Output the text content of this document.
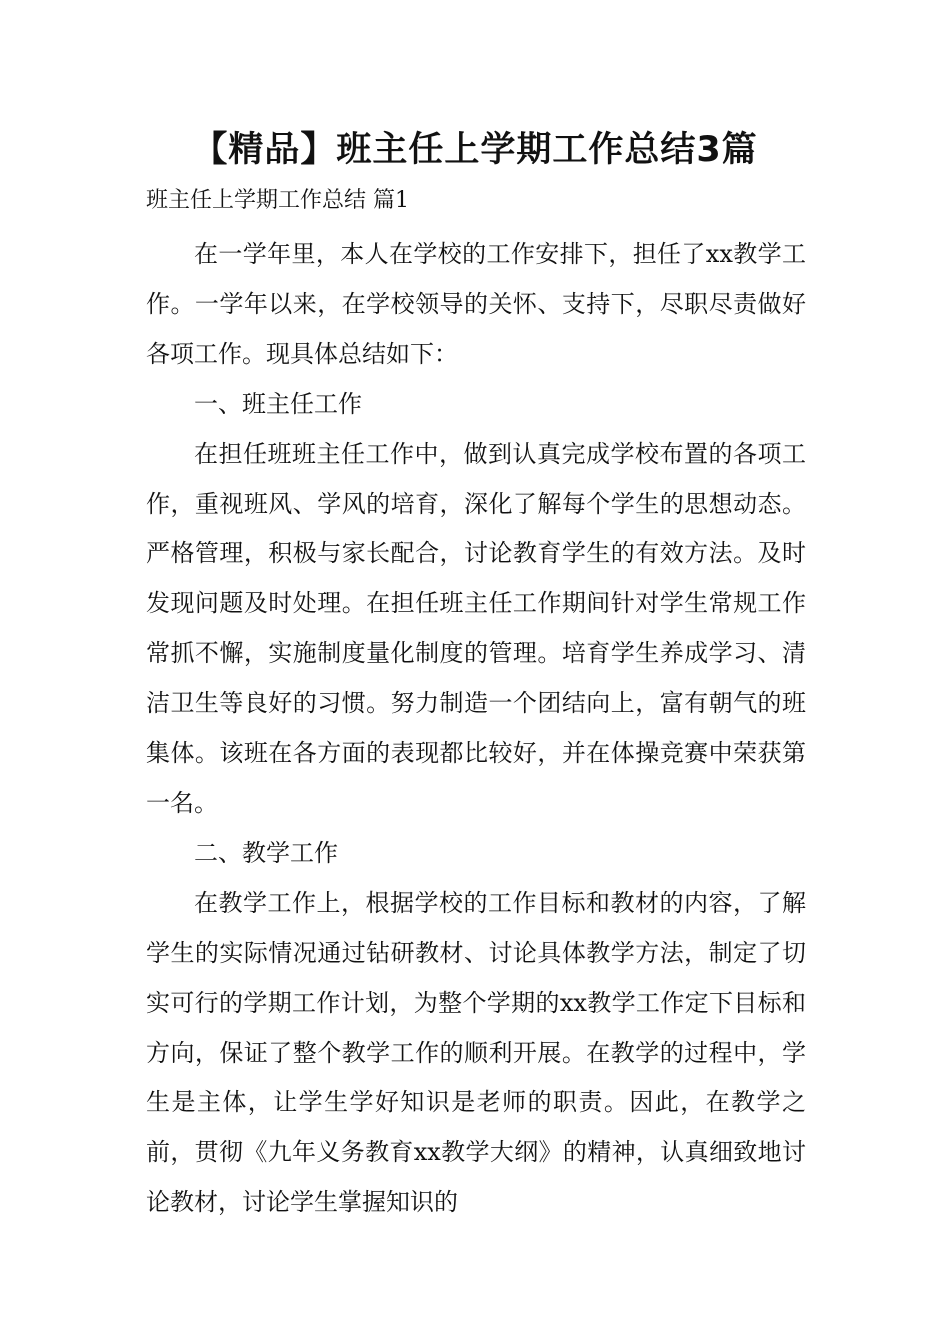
【精品】班主任上学期工作总结3篇

班主任上学期工作总结 篇1

在一学年里，本人在学校的工作安排下，担任了xx教学工作。一学年以来，在学校领导的关怀、支持下，尽职尽责做好各项工作。现具体总结如下：

一、班主任工作

在担任班班主任工作中，做到认真完成学校布置的各项工作，重视班风、学风的培育，深化了解每个学生的思想动态。严格管理，积极与家长配合，讨论教育学生的有效方法。及时发现问题及时处理。在担任班主任工作期间针对学生常规工作常抓不懈，实施制度量化制度的管理。培育学生养成学习、清洁卫生等良好的习惯。努力制造一个团结向上，富有朝气的班集体。该班在各方面的表现都比较好，并在体操竞赛中荣获第一名。

二、教学工作

在教学工作上，根据学校的工作目标和教材的内容，了解学生的实际情况通过钻研教材、讨论具体教学方法，制定了切实可行的学期工作计划，为整个学期的xx教学工作定下目标和方向，保证了整个教学工作的顺利开展。在教学的过程中，学生是主体，让学生学好知识是老师的职责。因此，在教学之前，贯彻《九年义务教育xx教学大纲》的精神，认真细致地讨论教材，讨论学生掌握知识的
